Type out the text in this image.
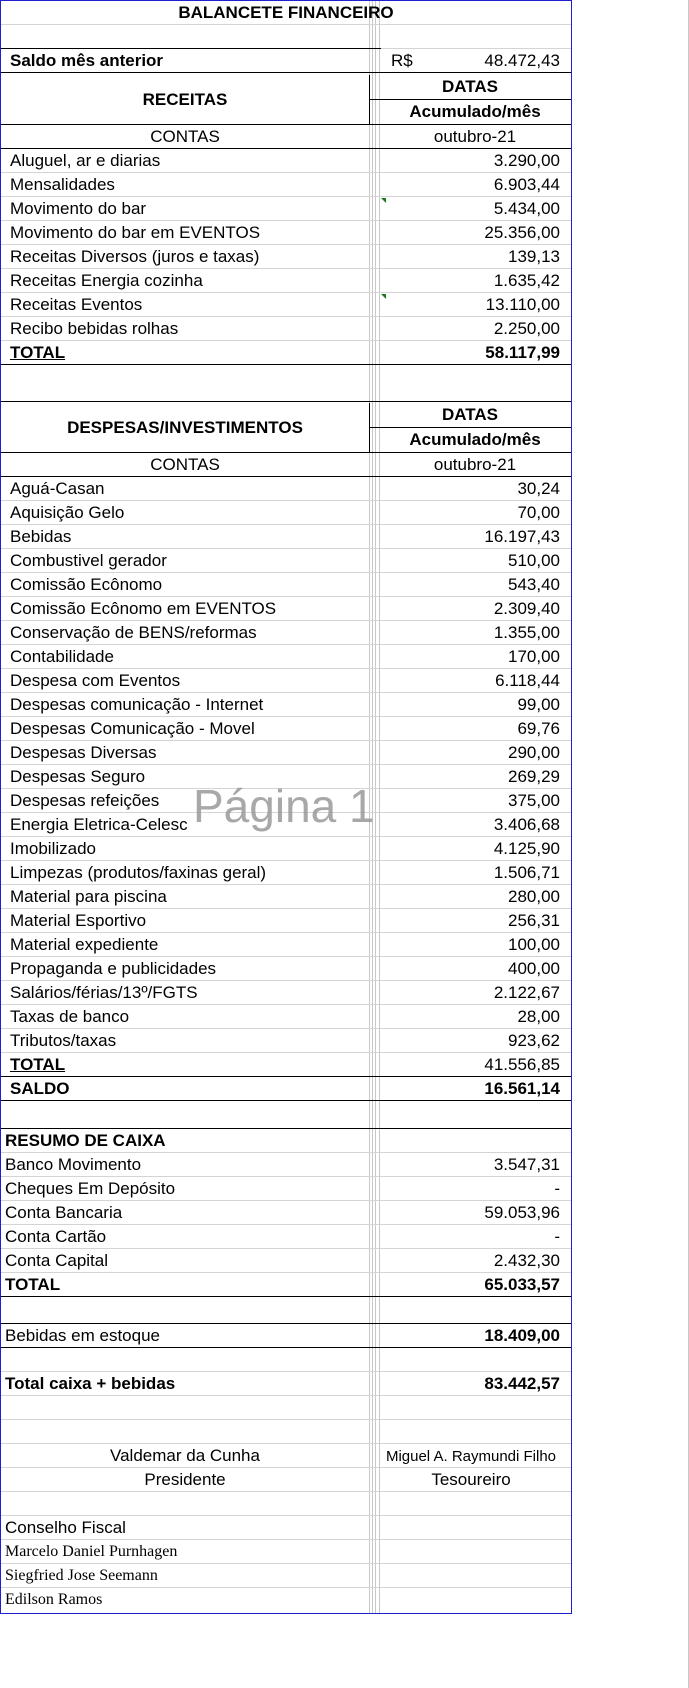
BALANCETE FINANCEIRO
Saldo mês anterior	R$	48.472,43
RECEITAS
DATAS
Acumulado/mês
CONTAS	outubro-21
Aluguel, ar e diarias	3.290,00
Mensalidades	6.903,44
Movimento do bar	5.434,00
Movimento do bar em EVENTOS	25.356,00
Receitas Diversos (juros e taxas)	139,13
Receitas Energia cozinha	1.635,42
Receitas Eventos	13.110,00
Recibo bebidas rolhas	2.250,00
TOTAL	58.117,99
DESPESAS/INVESTIMENTOS
DATAS
Acumulado/mês
CONTAS	outubro-21
Aguá-Casan	30,24
Aquisição Gelo	70,00
Bebidas	16.197,43
Combustivel gerador	510,00
Comissão Ecônomo	543,40
Comissão Ecônomo em EVENTOS	2.309,40
Conservação de BENS/reformas	1.355,00
Contabilidade	170,00
Despesa com Eventos	6.118,44
Despesas comunicação - Internet	99,00
Despesas Comunicação - Movel	69,76
Despesas Diversas	290,00
Despesas Seguro	269,29
Despesas refeições	375,00
Energia Eletrica-Celesc	3.406,68
Imobilizado	4.125,90
Limpezas (produtos/faxinas geral)	1.506,71
Material para piscina	280,00
Material Esportivo	256,31
Material expediente	100,00
Propaganda e publicidades	400,00
Salários/férias/13º/FGTS	2.122,67
Taxas de banco	28,00
Tributos/taxas	923,62
TOTAL	41.556,85
SALDO	16.561,14
RESUMO DE CAIXA
Banco Movimento	3.547,31
Cheques Em Depósito	-
Conta Bancaria	59.053,96
Conta Cartão	-
Conta Capital	2.432,30
TOTAL	65.033,57
Bebidas em estoque	18.409,00
Total caixa + bebidas	83.442,57
Valdemar da Cunha	Miguel A. Raymundi Filho
Presidente	Tesoureiro
Conselho Fiscal
Marcelo Daniel Purnhagen
Siegfried Jose Seemann
Edilson Ramos
Página 1
